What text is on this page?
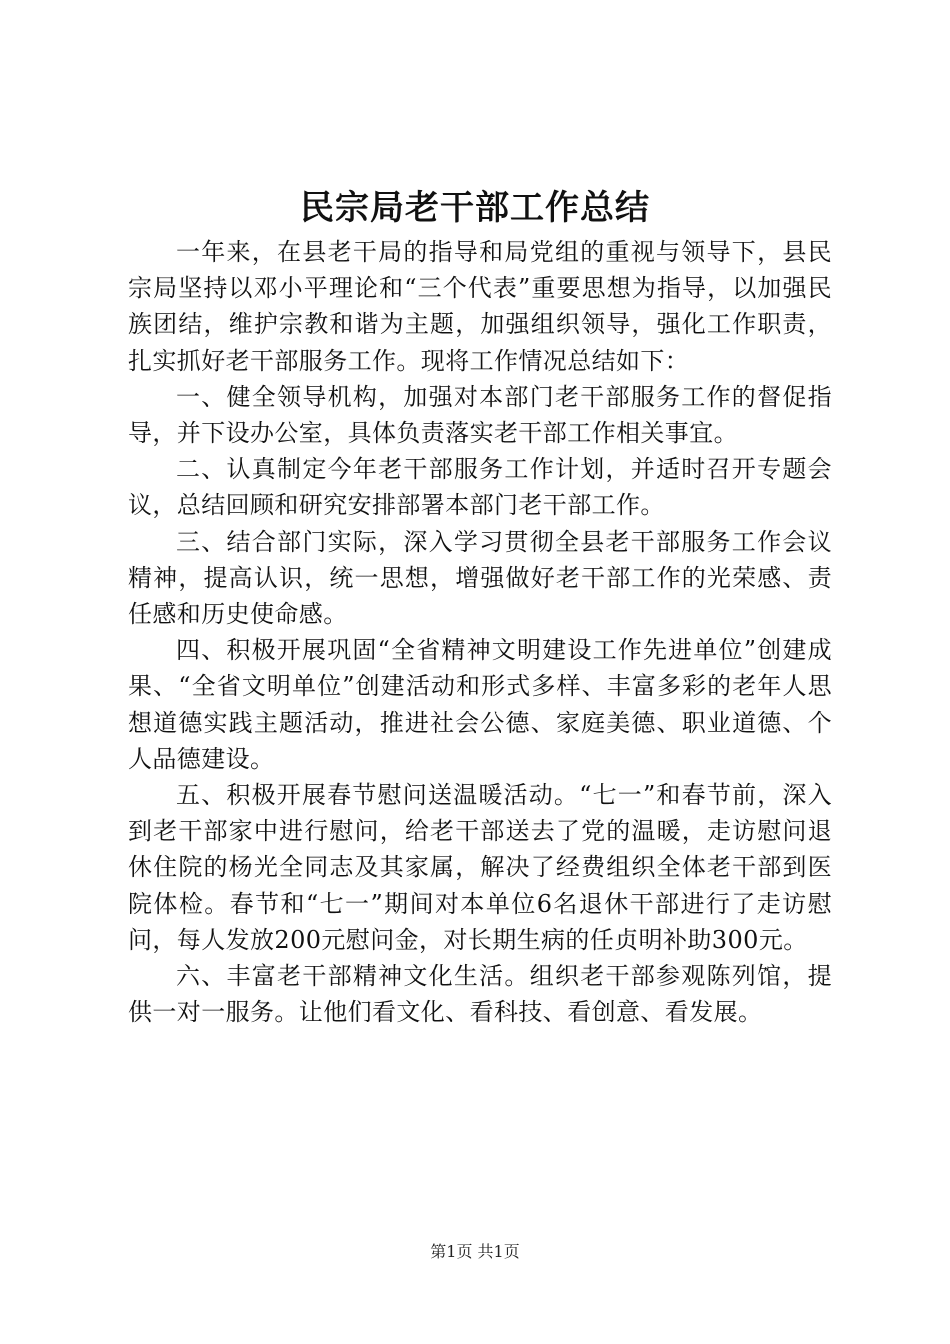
民宗局老干部工作总结

一年来，在县老干局的指导和局党组的重视与领导下，县民宗局坚持以邓小平理论和“三个代表”重要思想为指导，以加强民族团结，维护宗教和谐为主题，加强组织领导，强化工作职责，扎实抓好老干部服务工作。现将工作情况总结如下：

一、健全领导机构，加强对本部门老干部服务工作的督促指导，并下设办公室，具体负责落实老干部工作相关事宜。

二、认真制定今年老干部服务工作计划，并适时召开专题会议，总结回顾和研究安排部署本部门老干部工作。

三、结合部门实际，深入学习贯彻全县老干部服务工作会议精神，提高认识，统一思想，增强做好老干部工作的光荣感、责任感和历史使命感。

四、积极开展巩固“全省精神文明建设工作先进单位”创建成果、“全省文明单位”创建活动和形式多样、丰富多彩的老年人思想道德实践主题活动，推进社会公德、家庭美德、职业道德、个人品德建设。

五、积极开展春节慰问送温暖活动。“七一”和春节前，深入到老干部家中进行慰问，给老干部送去了党的温暖，走访慰问退休住院的杨光全同志及其家属，解决了经费组织全体老干部到医院体检。春节和“七一”期间对本单位6名退休干部进行了走访慰问，每人发放200元慰问金，对长期生病的任贞明补助300元。

六、丰富老干部精神文化生活。组织老干部参观陈列馆，提供一对一服务。让他们看文化、看科技、看创意、看发展。

第1页 共1页
